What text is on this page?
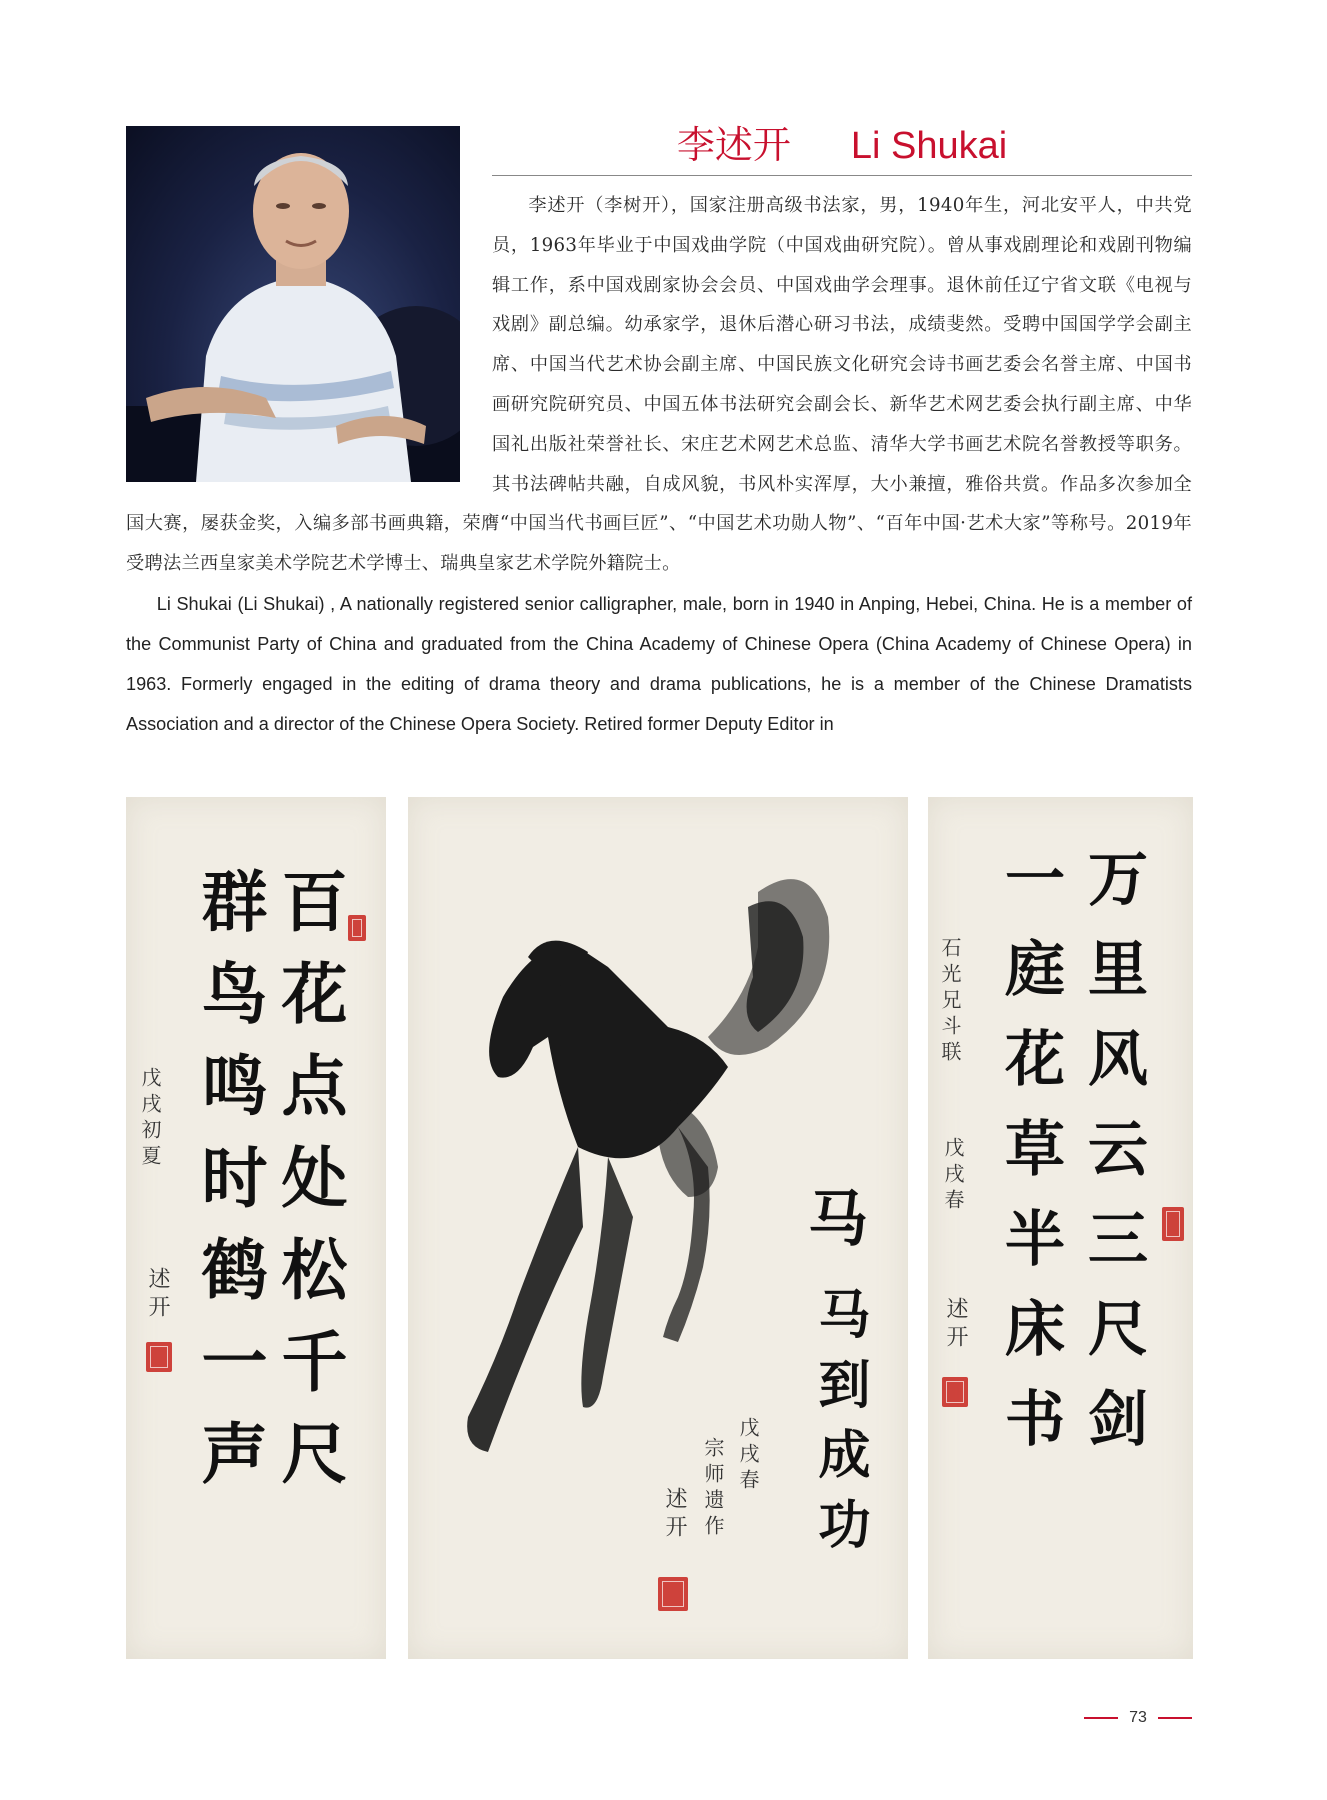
李述开 Li Shukai

李述开（李树开），国家注册高级书法家，男，1940年生，河北安平人，中共党员，1963年毕业于中国戏曲学院（中国戏曲研究院）。曾从事戏剧理论和戏剧刊物编辑工作，系中国戏剧家协会会员、中国戏曲学会理事。退休前任辽宁省文联《电视与戏剧》副总编。幼承家学，退休后潜心研习书法，成绩斐然。受聘中国国学学会副主席、中国当代艺术协会副主席、中国民族文化研究会诗书画艺委会名誉主席、中国书画研究院研究员、中国五体书法研究会副会长、新华艺术网艺委会执行副主席、中华国礼出版社荣誉社长、宋庄艺术网艺术总监、清华大学书画艺术院名誉教授等职务。其书法碑帖共融，自成风貌，书风朴实浑厚，大小兼擅，雅俗共赏。作品多次参加全国大赛，屡获金奖，入编多部书画典籍，荣膺“中国当代书画巨匠”、“中国艺术功勋人物”、“百年中国·艺术大家”等称号。2019年受聘法兰西皇家美术学院艺术学博士、瑞典皇家艺术学院外籍院士。

Li Shukai (Li Shukai) , A nationally registered senior calligrapher, male, born in 1940 in Anping, Hebei, China. He is a member of the Communist Party of China and graduated from the China Academy of Chinese Opera (China Academy of Chinese Opera) in 1963. Formerly engaged in the editing of drama theory and drama publications, he is a member of the Chinese Dramatists Association and a director of the Chinese Opera Society. Retired former Deputy Editor in

百花点处松千尺
群鸟鸣时鹤一声
戊戌初夏
述开
马
马到成功
戊戌春
宗师遗作
述开
万里风云三尺剑
一庭花草半床书
石光兄斗联
戊戌春
述开
73
